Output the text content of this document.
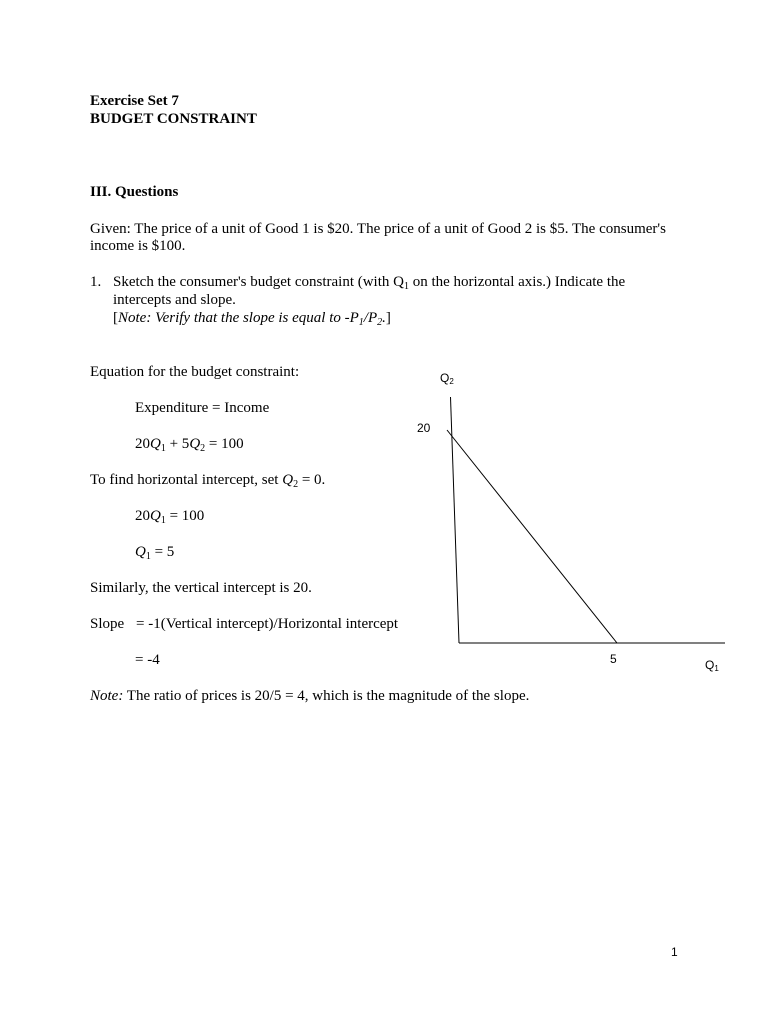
Exercise Set 7
BUDGET CONSTRAINT
III. Questions
Given: The price of a unit of Good 1 is $20. The price of a unit of Good 2 is $5. The consumer's
income is $100.
1. Sketch the consumer's budget constraint (with $Q_1$ on the horizontal axis.) Indicate the
intercepts and slope.
[Note: Verify that the slope is equal to $-P_1/P_2$.]
Equation for the budget constraint:
Expenditure = Income
$20Q_1 + 5Q_2 = 100$
To find horizontal intercept, set $Q_2 = 0$.
$20Q_1 = 100$
$Q_1 = 5$
Similarly, the vertical intercept is 20.
Slope = -1(Vertical intercept)/Horizontal intercept
= -4
Note: The ratio of prices is 20/5 = 4, which is the magnitude of the slope.
Q2
20
5	Q1
1
